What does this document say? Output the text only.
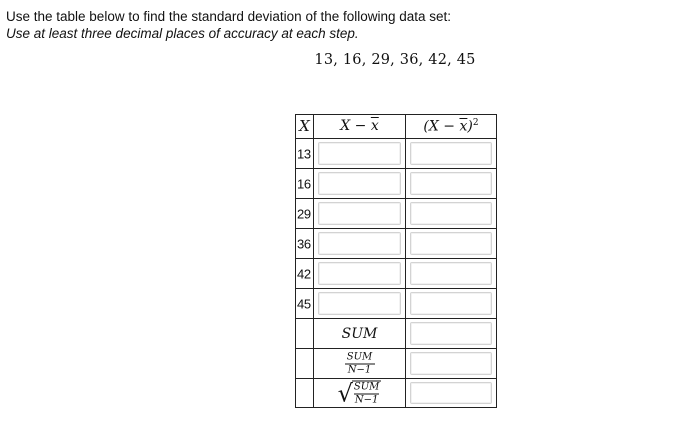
Use the table below to find the standard deviation of the following data set:
Use at least three decimal places of accuracy at each step.
13, 16, 29, 36, 42, 45
X	$X - \overline{x}$	$(X - \overline{x})^2$
13
16
29
36
42
45
SUM
SUM
N−1
√ $\frac{\text{SUM}}{N-1}$
